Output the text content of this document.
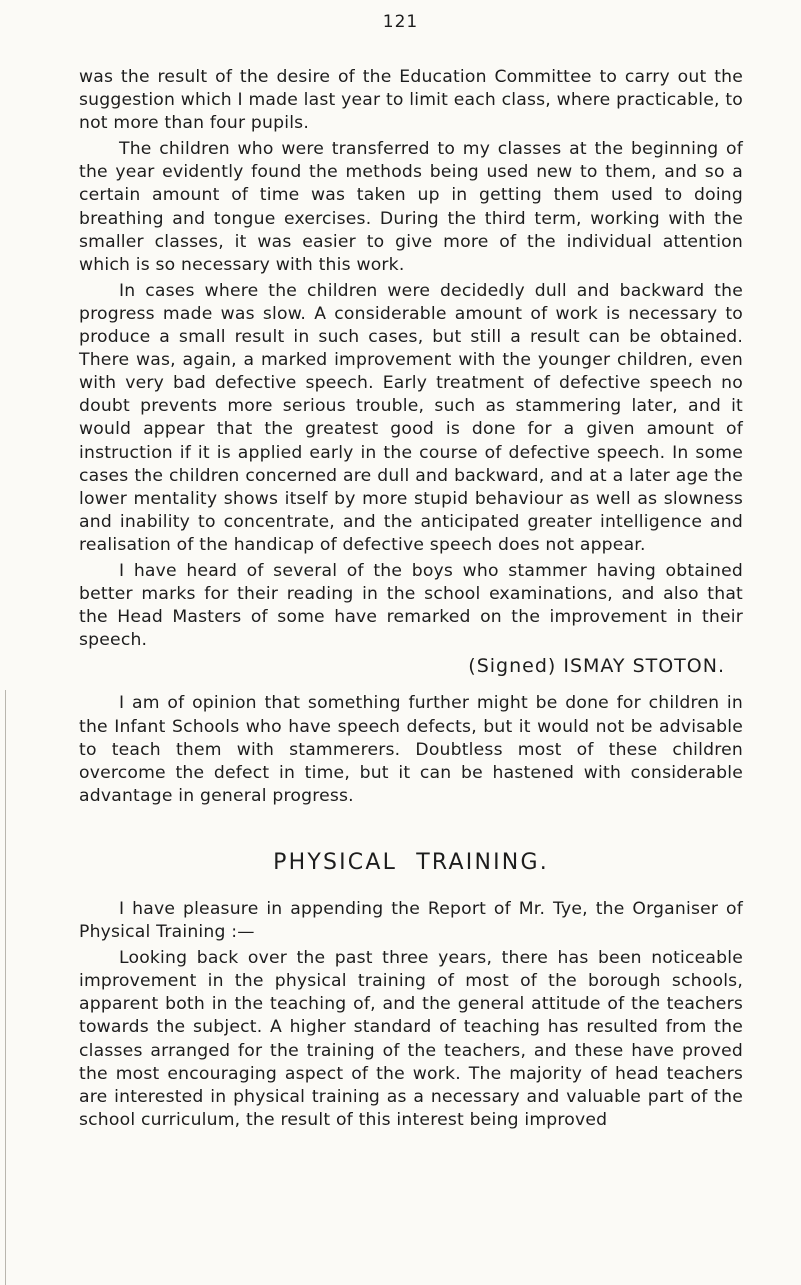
121

was the result of the desire of the Education Committee to carry out the suggestion which I made last year to limit each class, where practicable, to not more than four pupils.

The children who were transferred to my classes at the beginning of the year evidently found the methods being used new to them, and so a certain amount of time was taken up in getting them used to doing breathing and tongue exercises. During the third term, working with the smaller classes, it was easier to give more of the individual attention which is so necessary with this work.

In cases where the children were decidedly dull and backward the progress made was slow. A considerable amount of work is necessary to produce a small result in such cases, but still a result can be obtained. There was, again, a marked improvement with the younger children, even with very bad defective speech. Early treatment of defective speech no doubt prevents more serious trouble, such as stammering later, and it would appear that the greatest good is done for a given amount of instruction if it is applied early in the course of defective speech. In some cases the children concerned are dull and backward, and at a later age the lower mentality shows itself by more stupid behaviour as well as slowness and inability to concentrate, and the anticipated greater intelligence and realisation of the handicap of defective speech does not appear.

I have heard of several of the boys who stammer having obtained better marks for their reading in the school examinations, and also that the Head Masters of some have remarked on the improvement in their speech.

(Signed) ISMAY STOTON.

I am of opinion that something further might be done for children in the Infant Schools who have speech defects, but it would not be advisable to teach them with stammerers. Doubtless most of these children overcome the defect in time, but it can be hastened with considerable advantage in general progress.

PHYSICAL TRAINING.

I have pleasure in appending the Report of Mr. Tye, the Organiser of Physical Training :—

Looking back over the past three years, there has been noticeable improvement in the physical training of most of the borough schools, apparent both in the teaching of, and the general attitude of the teachers towards the subject. A higher standard of teaching has resulted from the classes arranged for the training of the teachers, and these have proved the most encouraging aspect of the work. The majority of head teachers are interested in physical training as a necessary and valuable part of the school curriculum, the result of this interest being improved
